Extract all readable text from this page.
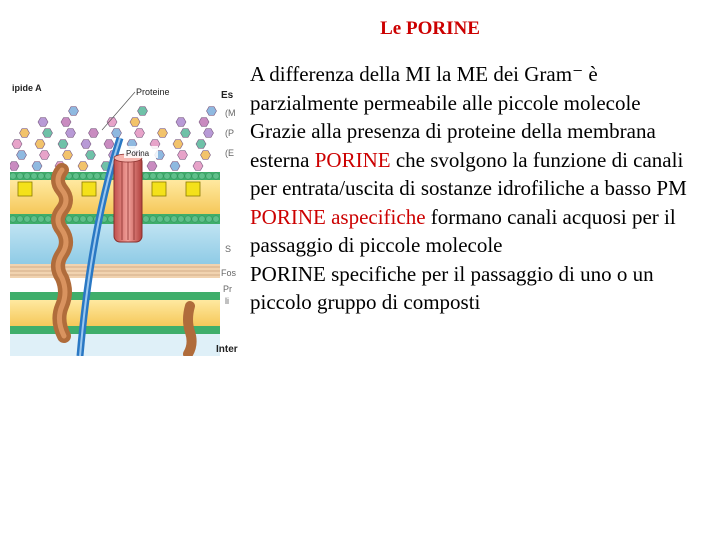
Le PORINE
ipide A	Proteine
Porina
Es
(M
(P
(E
S
Fos
Pr
li
Inter

A differenza della MI la ME dei Gram⁻ è parzialmente permeabile alle piccole molecole

Grazie alla presenza di proteine della membrana esterna PORINE che svolgono la funzione di canali per entrata/uscita di sostanze idrofiliche a basso PM

PORINE aspecifiche formano canali acquosi per il passaggio di piccole molecole

PORINE specifiche per il passaggio di uno o un piccolo gruppo di composti
